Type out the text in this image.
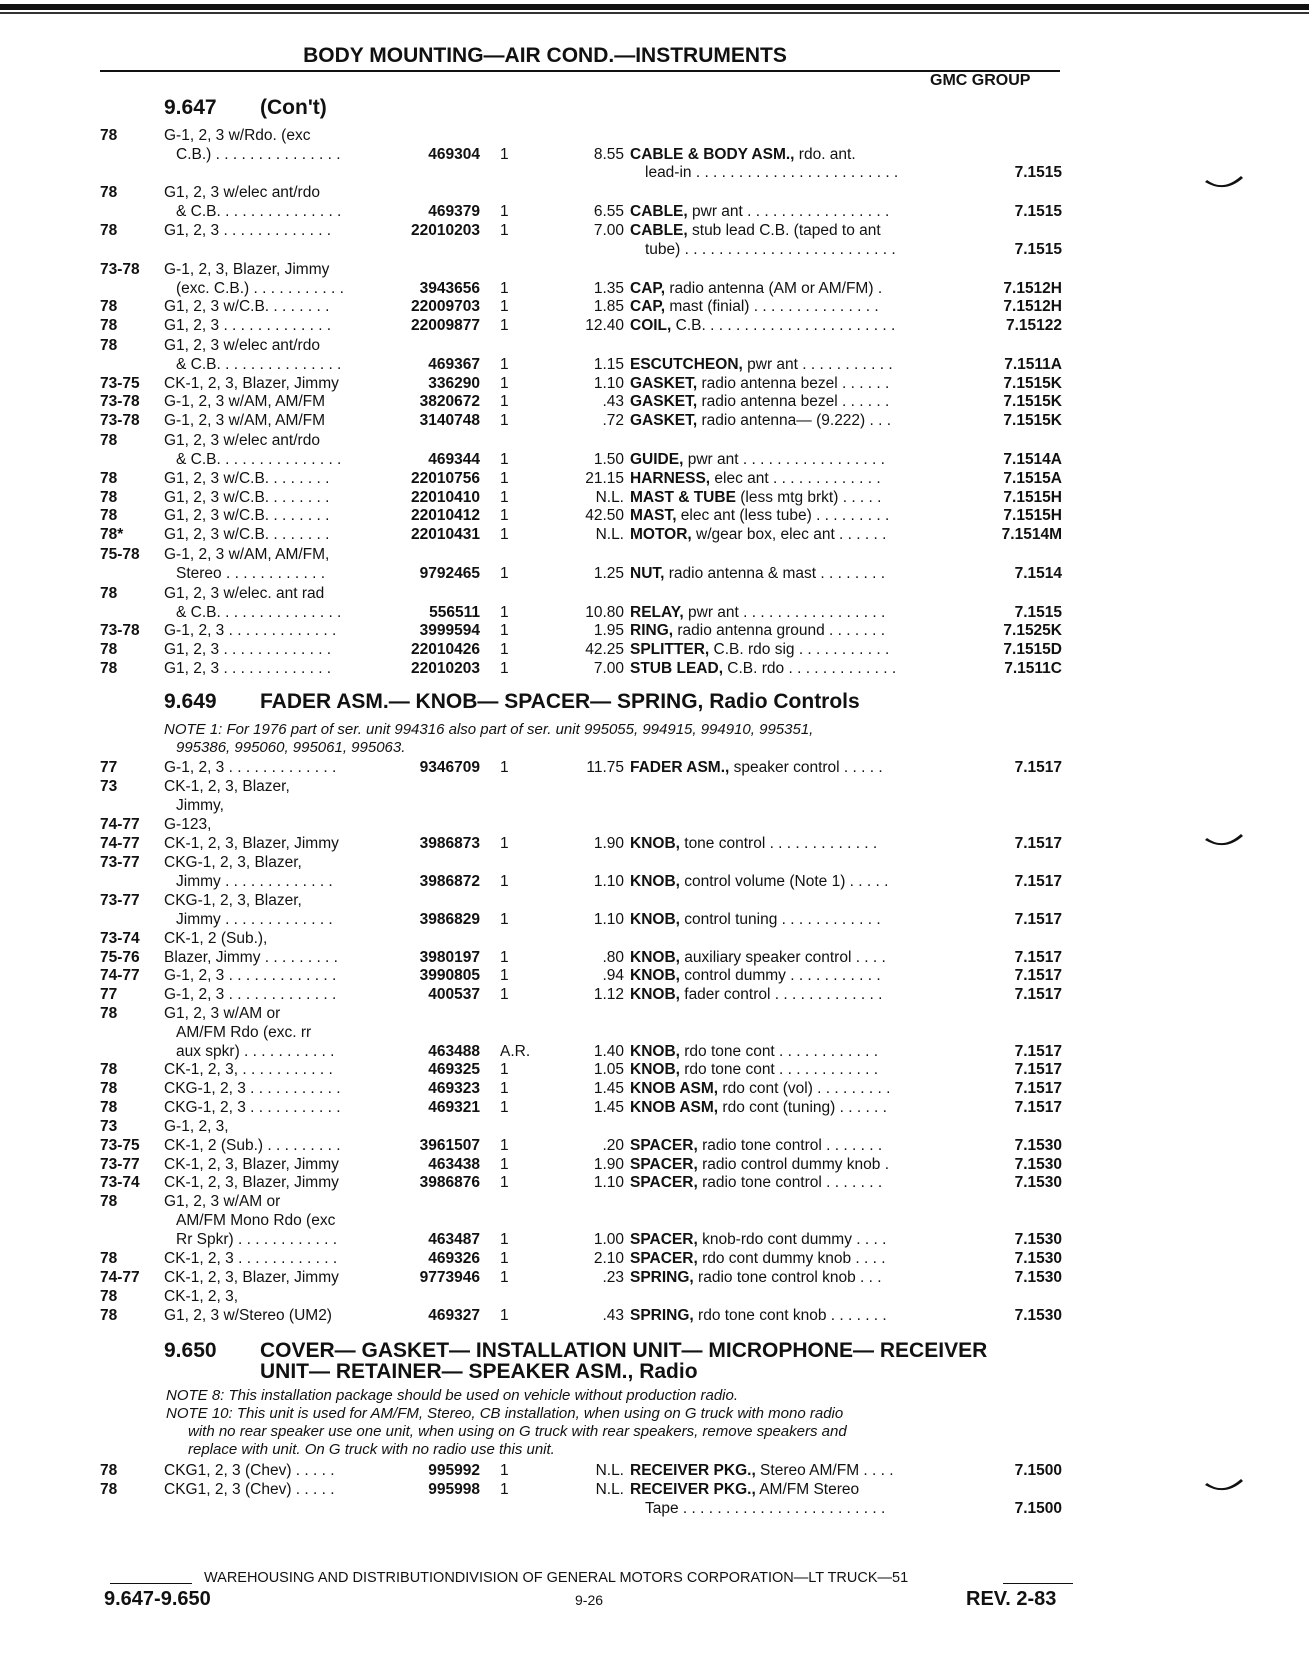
BODY MOUNTING—AIR COND.—INSTRUMENTS
GMC GROUP
9.647 (Con't)
78	G-1, 2, 3 w/Rdo. (exc
C.B.) . . . . . . . . . . . . . . .	469304 1	8.55 CABLE & BODY ASM., rdo. ant.
lead-in . . . . . . . . . . . . . . . . . . . . . . . .	7.1515
78	G1, 2, 3 w/elec ant/rdo
& C.B. . . . . . . . . . . . . . .	469379 1	6.55 CABLE, pwr ant . . . . . . . . . . . . . . . . .	7.1515
78	G1, 2, 3 . . . . . . . . . . . . .	22010203 1	7.00 CABLE, stub lead C.B. (taped to ant
tube) . . . . . . . . . . . . . . . . . . . . . . . . .	7.1515
73-78 G-1, 2, 3, Blazer, Jimmy
(exc. C.B.) . . . . . . . . . . .	3943656 1	1.35 CAP, radio antenna (AM or AM/FM) .	7.1512H
78	G1, 2, 3 w/C.B. . . . . . . .	22009703 1	1.85 CAP, mast (finial) . . . . . . . . . . . . . . .	7.1512H
78	G1, 2, 3 . . . . . . . . . . . . .	22009877 1	12.40 COIL, C.B. . . . . . . . . . . . . . . . . . . . . . .	7.15122
78	G1, 2, 3 w/elec ant/rdo
& C.B. . . . . . . . . . . . . . .	469367 1	1.15 ESCUTCHEON, pwr ant . . . . . . . . . . .	7.1511A
73-75 CK-1, 2, 3, Blazer, Jimmy	336290 1	1.10 GASKET, radio antenna bezel . . . . . .	7.1515K
73-78 G-1, 2, 3 w/AM, AM/FM	3820672 1	.43 GASKET, radio antenna bezel . . . . . .	7.1515K
73-78 G-1, 2, 3 w/AM, AM/FM	3140748 1	.72 GASKET, radio antenna— (9.222) . . .	7.1515K
78	G1, 2, 3 w/elec ant/rdo
& C.B. . . . . . . . . . . . . . .	469344 1	1.50 GUIDE, pwr ant . . . . . . . . . . . . . . . . .	7.1514A
78	G1, 2, 3 w/C.B. . . . . . . .	22010756 1	21.15 HARNESS, elec ant . . . . . . . . . . . . .	7.1515A
78	G1, 2, 3 w/C.B. . . . . . . .	22010410 1	N.L. MAST & TUBE (less mtg brkt) . . . . .	7.1515H
78	G1, 2, 3 w/C.B. . . . . . . .	22010412 1	42.50 MAST, elec ant (less tube) . . . . . . . . .	7.1515H
78*	G1, 2, 3 w/C.B. . . . . . . .	22010431 1	N.L. MOTOR, w/gear box, elec ant . . . . . .	7.1514M
75-78 G-1, 2, 3 w/AM, AM/FM,
Stereo . . . . . . . . . . . .	9792465 1	1.25 NUT, radio antenna & mast . . . . . . . .	7.1514
78	G1, 2, 3 w/elec. ant rad
& C.B. . . . . . . . . . . . . . .	556511 1	10.80 RELAY, pwr ant . . . . . . . . . . . . . . . . .	7.1515
73-78 G-1, 2, 3 . . . . . . . . . . . . .	3999594 1	1.95 RING, radio antenna ground . . . . . . .	7.1525K
78	G1, 2, 3 . . . . . . . . . . . . .	22010426 1	42.25 SPLITTER, C.B. rdo sig . . . . . . . . . . .	7.1515D
78	G1, 2, 3 . . . . . . . . . . . . .	22010203 1	7.00 STUB LEAD, C.B. rdo . . . . . . . . . . . . .	7.1511C
77	G-1, 2, 3 . . . . . . . . . . . . .	9346709 1	11.75 FADER ASM., speaker control . . . . .	7.1517
73	CK-1, 2, 3, Blazer,
Jimmy,
74-77 G-123,
74-77 CK-1, 2, 3, Blazer, Jimmy	3986873 1	1.90 KNOB, tone control . . . . . . . . . . . . .	7.1517
73-77 CKG-1, 2, 3, Blazer,
Jimmy . . . . . . . . . . . . .	3986872 1	1.10 KNOB, control volume (Note 1) . . . . .	7.1517
73-77 CKG-1, 2, 3, Blazer,
Jimmy . . . . . . . . . . . . .	3986829 1	1.10 KNOB, control tuning . . . . . . . . . . . .	7.1517
73-74 CK-1, 2 (Sub.),
75-76 Blazer, Jimmy . . . . . . . . .	3980197 1	.80 KNOB, auxiliary speaker control . . . .	7.1517
74-77 G-1, 2, 3 . . . . . . . . . . . . .	3990805 1	.94 KNOB, control dummy . . . . . . . . . . .	7.1517
77	G-1, 2, 3 . . . . . . . . . . . . .	400537 1	1.12 KNOB, fader control . . . . . . . . . . . . .	7.1517
78	G1, 2, 3 w/AM or
AM/FM Rdo (exc. rr
aux spkr) . . . . . . . . . . .	463488 A.R.	1.40 KNOB, rdo tone cont . . . . . . . . . . . .	7.1517
78	CK-1, 2, 3, . . . . . . . . . . .	469325 1	1.05 KNOB, rdo tone cont . . . . . . . . . . . .	7.1517
78	CKG-1, 2, 3 . . . . . . . . . . .	469323 1	1.45 KNOB ASM, rdo cont (vol) . . . . . . . . .	7.1517
78	CKG-1, 2, 3 . . . . . . . . . . .	469321 1	1.45 KNOB ASM, rdo cont (tuning) . . . . . .	7.1517
73	G-1, 2, 3,
73-75 CK-1, 2 (Sub.) . . . . . . . . .	3961507 1	.20 SPACER, radio tone control . . . . . . .	7.1530
73-77 CK-1, 2, 3, Blazer, Jimmy	463438 1	1.90 SPACER, radio control dummy knob .	7.1530
73-74 CK-1, 2, 3, Blazer, Jimmy	3986876 1	1.10 SPACER, radio tone control . . . . . . .	7.1530
78	G1, 2, 3 w/AM or
AM/FM Mono Rdo (exc
Rr Spkr) . . . . . . . . . . . .	463487 1	1.00 SPACER, knob-rdo cont dummy . . . .	7.1530
78	CK-1, 2, 3 . . . . . . . . . . . .	469326 1	2.10 SPACER, rdo cont dummy knob . . . .	7.1530
74-77 CK-1, 2, 3, Blazer, Jimmy	9773946 1	.23 SPRING, radio tone control knob . . .	7.1530
78	CK-1, 2, 3,
78	G1, 2, 3 w/Stereo (UM2)	469327 1	.43 SPRING, rdo tone cont knob . . . . . . .	7.1530
78	CKG1, 2, 3 (Chev) . . . . .	995992 1	N.L. RECEIVER PKG., Stereo AM/FM . . . .	7.1500
78	CKG1, 2, 3 (Chev) . . . . .	995998 1	N.L. RECEIVER PKG., AM/FM Stereo
Tape . . . . . . . . . . . . . . . . . . . . . . . .	7.1500
9.649 FADER ASM.— KNOB— SPACER— SPRING, Radio Controls
NOTE 1: For 1976 part of ser. unit 994316 also part of ser. unit 995055, 994915, 994910, 995351,
995386, 995060, 995061, 995063.
9.650 COVER— GASKET— INSTALLATION UNIT— MICROPHONE— RECEIVER
UNIT— RETAINER— SPEAKER ASM., Radio
NOTE 8: This installation package should be used on vehicle without production radio.
NOTE 10: This unit is used for AM/FM, Stereo, CB installation, when using on G truck with mono radio
with no rear speaker use one unit, when using on G truck with rear speakers, remove speakers and
replace with unit. On G truck with no radio use this unit.
WAREHOUSING AND DISTRIBUTIONDIVISION OF GENERAL MOTORS CORPORATION—LT TRUCK—51
9.647-9.650	9-26	REV. 2-83
